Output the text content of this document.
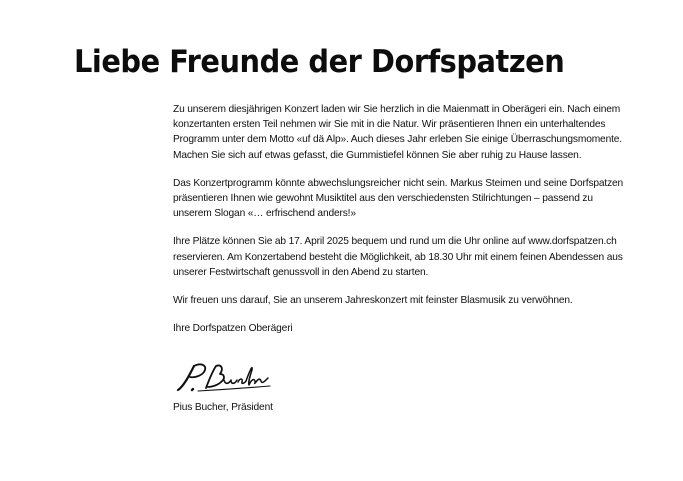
Liebe Freunde der Dorfspatzen

Zu unserem diesjährigen Konzert laden wir Sie herzlich in die Maienmatt in Oberägeri ein. Nach einem konzertanten ersten Teil nehmen wir Sie mit in die Natur. Wir präsentieren Ihnen ein unterhaltendes Programm unter dem Motto «uf dä Alp». Auch dieses Jahr erleben Sie einige Überraschungsmomente. Machen Sie sich auf etwas gefasst, die Gummistiefel können Sie aber ruhig zu Hause lassen.

Das Konzertprogramm könnte abwechslungsreicher nicht sein. Markus Steimen und seine Dorfspatzen präsentieren Ihnen wie gewohnt Musiktitel aus den verschiedensten Stilrichtungen – passend zu unserem Slogan «… erfrischend anders!»

Ihre Plätze können Sie ab 17. April 2025 bequem und rund um die Uhr online auf www.dorfspatzen.ch reservieren. Am Konzertabend besteht die Möglichkeit, ab 18.30 Uhr mit einem feinen Abendessen aus unserer Festwirtschaft genussvoll in den Abend zu starten.

Wir freuen uns darauf, Sie an unserem Jahreskonzert mit feinster Blasmusik zu verwöhnen.

Ihre Dorfspatzen Oberägeri

Pius Bucher, Präsident
